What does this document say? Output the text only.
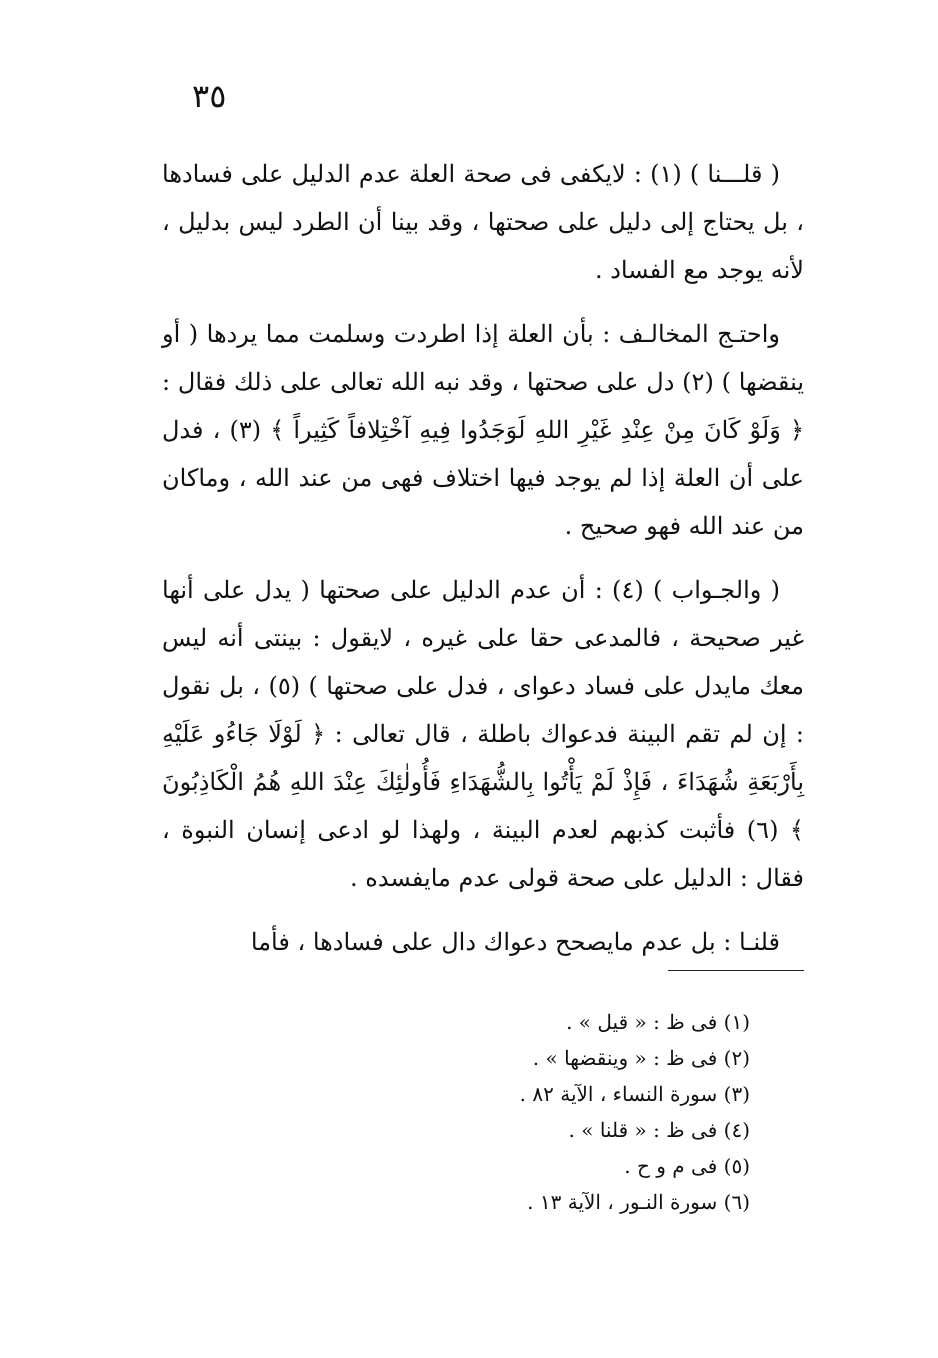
٣٥

( قلـــنا ) (١) : لايكفى فى صحة العلة عدم الدليل على فسادها ، بل يحتاج إلى دليل على صحتها ، وقد بينا أن الطرد ليس بدليل ، لأنه يوجد مع الفساد .

واحتـج المخالـف : بأن العلة إذا اطردت وسلمت مما يردها ( أو ينقضها ) (٢) دل على صحتها ، وقد نبه الله تعالى على ذلك فقال : ﴿ وَلَوْ كَانَ مِنْ عِنْدِ غَيْرِ اللهِ لَوَجَدُوا فِيهِ آخْتِلافاً كَثِيراً ﴾ (٣) ، فدل على أن العلة إذا لم يوجد فيها اختلاف فهى من عند الله ، وماكان من عند الله فهو صحيح .

( والجـواب ) (٤) : أن عدم الدليل على صحتها ( يدل على أنها غير صحيحة ، فالمدعى حقا على غيره ، لايقول : بينتى أنه ليس معك مايدل على فساد دعواى ، فدل على صحتها ) (٥) ، بل نقول : إن لم تقم البينة فدعواك باطلة ، قال تعالى : ﴿ لَوْلَا جَاءُو عَلَيْهِ بِأَرْبَعَةِ شُهَدَاءَ ، فَإِذْ لَمْ يَأْتُوا بِالشُّهَدَاءِ فَأُولٰئِكَ عِنْدَ اللهِ هُمُ الْكَاذِبُونَ ﴾ (٦) فأثبت كذبهم لعدم البينة ، ولهذا لو ادعى إنسان النبوة ، فقال : الدليل على صحة قولى عدم مايفسده .

قلنـا : بل عدم مايصحح دعواك دال على فسادها ، فأما

(١) فى ظ : « قيل » .
(٢) فى ظ : « وينقضها » .
(٣) سورة النساء ، الآية ٨٢ .
(٤) فى ظ : « قلنا » .
(٥) فى م و ح .
(٦) سورة النـور ، الآية ١٣ .
